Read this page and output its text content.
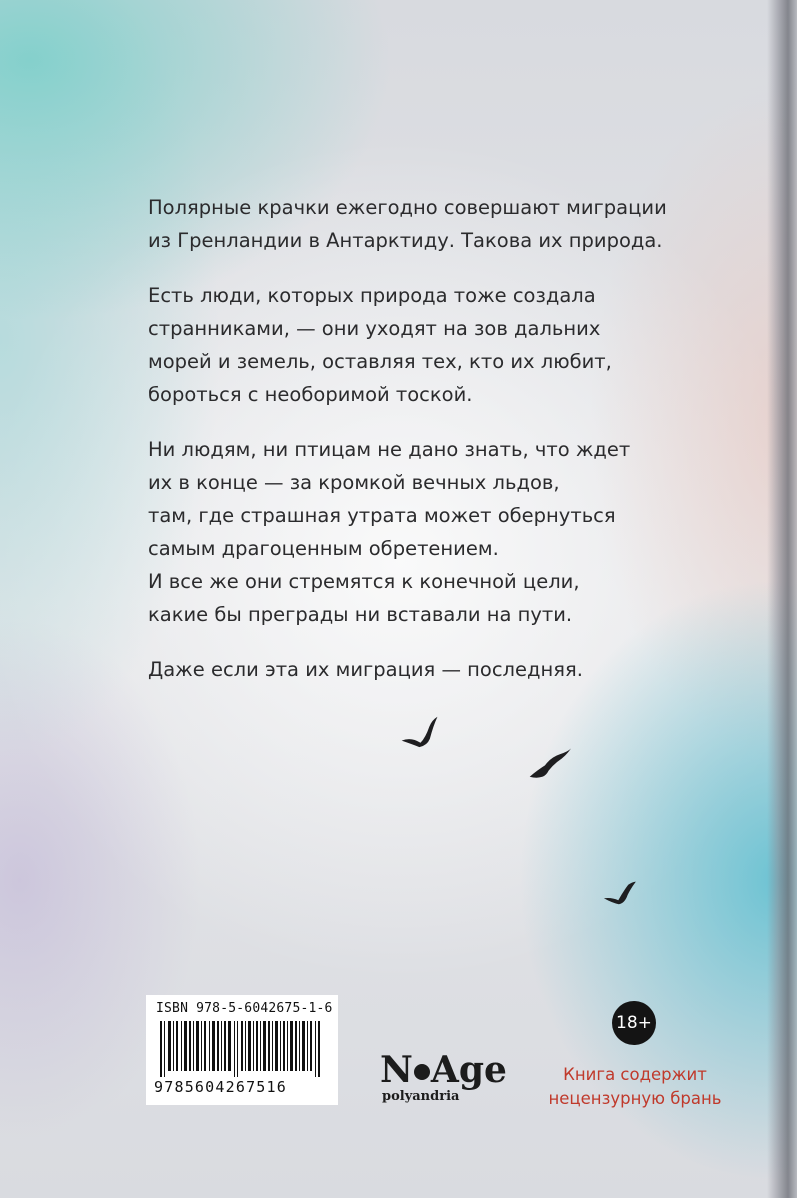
Полярные крачки ежегодно совершают миграции
из Гренландии в Антарктиду. Такова их природа.

Есть люди, которых природа тоже создала
странниками, — они уходят на зов дальних
морей и земель, оставляя тех, кто их любит,
бороться с необоримой тоской.

Ни людям, ни птицам не дано знать, что ждет
их в конце — за кромкой вечных льдов,
там, где страшная утрата может обернуться
самым драгоценным обретением.
И все же они стремятся к конечной цели,
какие бы преграды ни вставали на пути.

Даже если эта их миграция — последняя.

ISBN 978-5-6042675-1-6
9785604267516	N Age
polyandria
18+
Книга содержит
нецензурную брань
